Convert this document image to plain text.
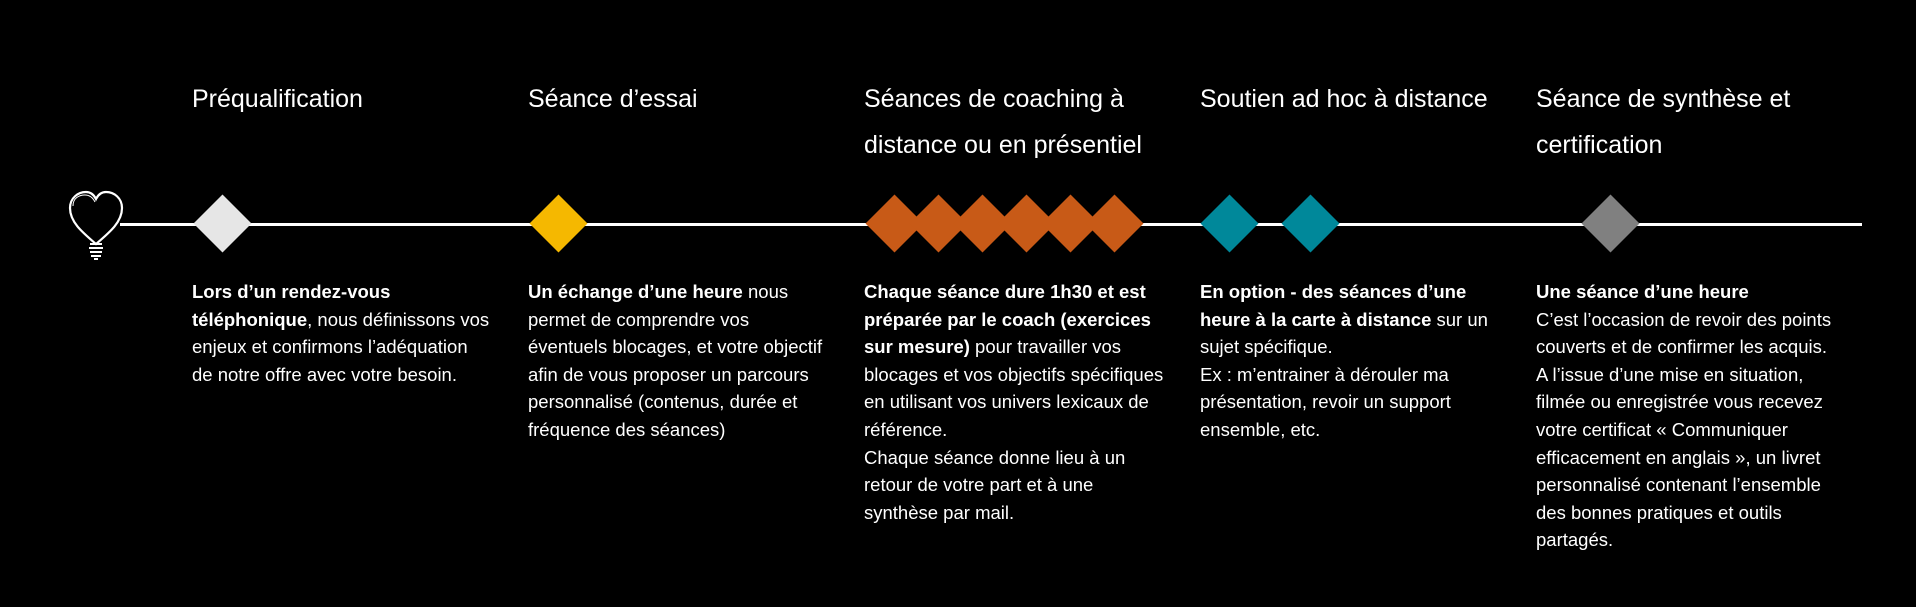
Préqualification
Lors d’un rendez-vous téléphonique, nous définissons vos enjeux et confirmons l’adéquation de notre offre avec votre besoin.
Séance d’essai
Un échange d’une heure nous permet de comprendre vos éventuels blocages, et votre objectif afin de vous proposer un parcours personnalisé (contenus, durée et fréquence des séances)
Séances de coaching à distance ou en présentiel
Chaque séance dure 1h30 et est préparée par le coach (exercices sur mesure) pour travailler vos blocages et vos objectifs spécifiques en utilisant vos univers lexicaux de référence.
Chaque séance donne lieu à un retour de votre part et à une synthèse par mail.
Soutien ad hoc à distance
En option - des séances d’une heure à la carte à distance sur un sujet spécifique.
Ex : m’entrainer à dérouler ma présentation, revoir un support ensemble, etc.
Séance de synthèse et certification
Une séance d’une heure
C’est l’occasion de revoir des points couverts et de confirmer les acquis.
A l’issue d’une mise en situation, filmée ou enregistrée vous recevez votre certificat « Communiquer efficacement en anglais », un livret personnalisé contenant l’ensemble des bonnes pratiques et outils partagés.
